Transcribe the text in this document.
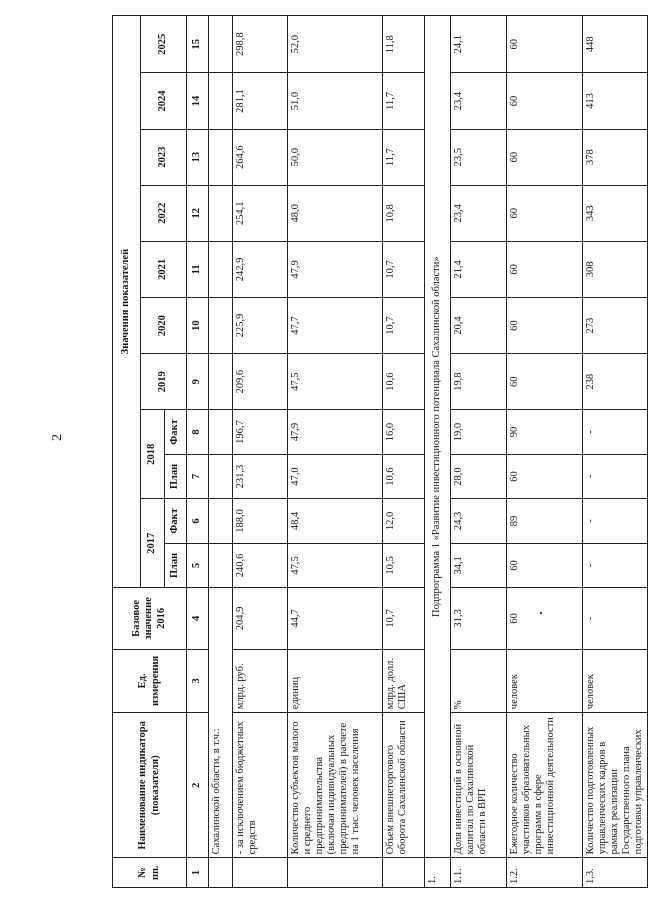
2
№ пп.	Наименование индикатора (показателя)	Ед. измерения	Базовое значение 2016	Значения показателей										
				2017		2018		2019	2020	2021	2022	2023	2024	2025
				План	Факт	План	Факт							
1	2	3	4	5	6	7	8	9	10	11	12	13	14	15
	Сахалинской области, в т.ч.:													
	- за исключением бюджетных средств	млрд. руб.	204,9	240,6	188,0	231,3	196,7	209,6	225,9	242,9	254,1	264,6	281,1	298,8
	Количество субъектов малого и среднего предпринимательства (включая индивидуальных предпринимателей) в расчете на 1 тыс. человек населения	единиц	44,7	47,5	48,4	47,0	47,9	47,5	47,7	47,9	48,0	50,0	51,0	52,0
	Объем внешнеторгового оборота Сахалинской области	млрд. долл. США	10,7	10,5	12,0	10,6	16,0	10,6	10,7	10,7	10,8	11,7	11,7	11,8
1.	Подпрограмма 1 «Развитие инвестиционного потенциала Сахалинской области»													
1.1.	Доля инвестиций в основной капитал по Сахалинской области в ВРП	%	31,3	34,1	24,3	28,0	19,0	19,8	20,4	21,4	23,4	23,5	23,4	24,1
1.2.	Ежегодное количество участников образовательных программ в сфере инвестиционной деятельности	человек	60	60	89	60	90	60	60	60	60	60	60	60
1.3.	Количество подготовленных управленческих кадров в рамках реализации Государственного плана подготовки управленческих	человек	-	-	-	-	-	238	273	308	343	378	413	448
